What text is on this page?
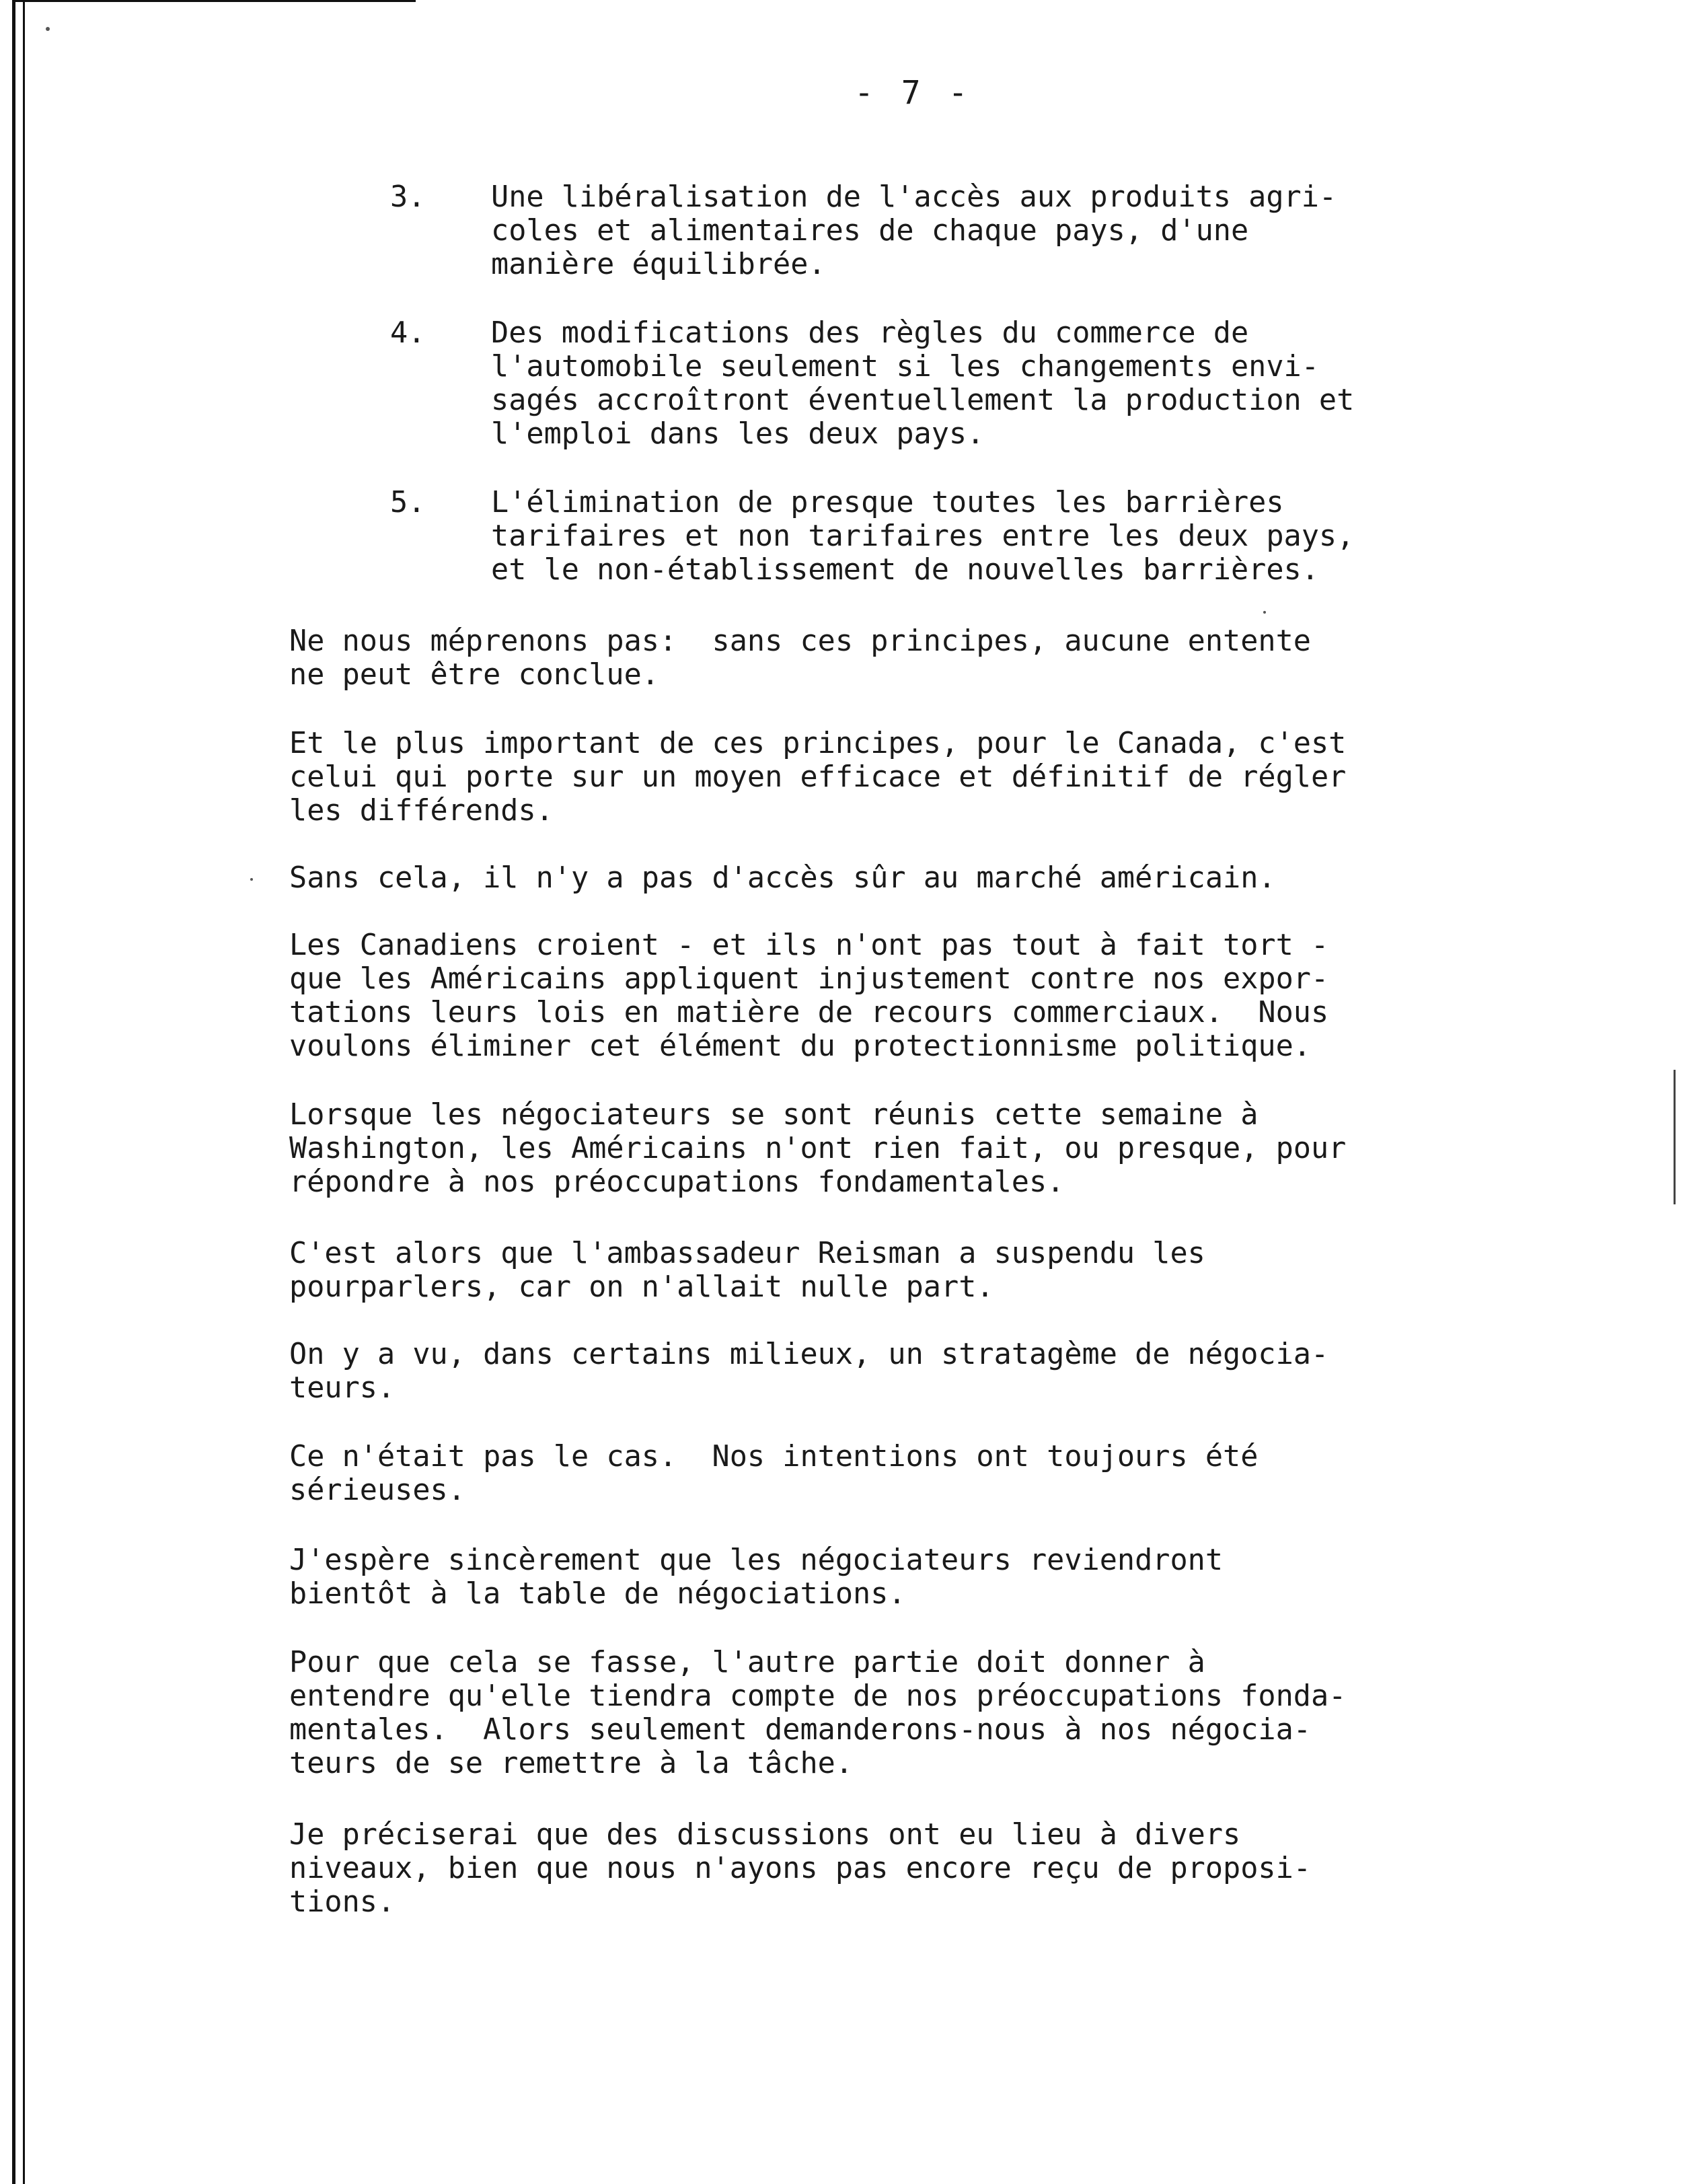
- 7 -
3. Une libéralisation de l'accès aux produits agri-
coles et alimentaires de chaque pays, d'une
manière équilibrée.

4. Des modifications des règles du commerce de
l'automobile seulement si les changements envi-
sagés accroîtront éventuellement la production et
l'emploi dans les deux pays.

5. L'élimination de presque toutes les barrières
tarifaires et non tarifaires entre les deux pays,
et le non-établissement de nouvelles barrières.

Ne nous méprenons pas:  sans ces principes, aucune entente
ne peut être conclue.

Et le plus important de ces principes, pour le Canada, c'est
celui qui porte sur un moyen efficace et définitif de régler
les différends.

Sans cela, il n'y a pas d'accès sûr au marché américain.

Les Canadiens croient - et ils n'ont pas tout à fait tort -
que les Américains appliquent injustement contre nos expor-
tations leurs lois en matière de recours commerciaux.  Nous
voulons éliminer cet élément du protectionnisme politique.

Lorsque les négociateurs se sont réunis cette semaine à
Washington, les Américains n'ont rien fait, ou presque, pour
répondre à nos préoccupations fondamentales.

C'est alors que l'ambassadeur Reisman a suspendu les
pourparlers, car on n'allait nulle part.

On y a vu, dans certains milieux, un stratagème de négocia-
teurs.

Ce n'était pas le cas.  Nos intentions ont toujours été
sérieuses.

J'espère sincèrement que les négociateurs reviendront
bientôt à la table de négociations.

Pour que cela se fasse, l'autre partie doit donner à
entendre qu'elle tiendra compte de nos préoccupations fonda-
mentales.  Alors seulement demanderons-nous à nos négocia-
teurs de se remettre à la tâche.

Je préciserai que des discussions ont eu lieu à divers
niveaux, bien que nous n'ayons pas encore reçu de proposi-
tions.
